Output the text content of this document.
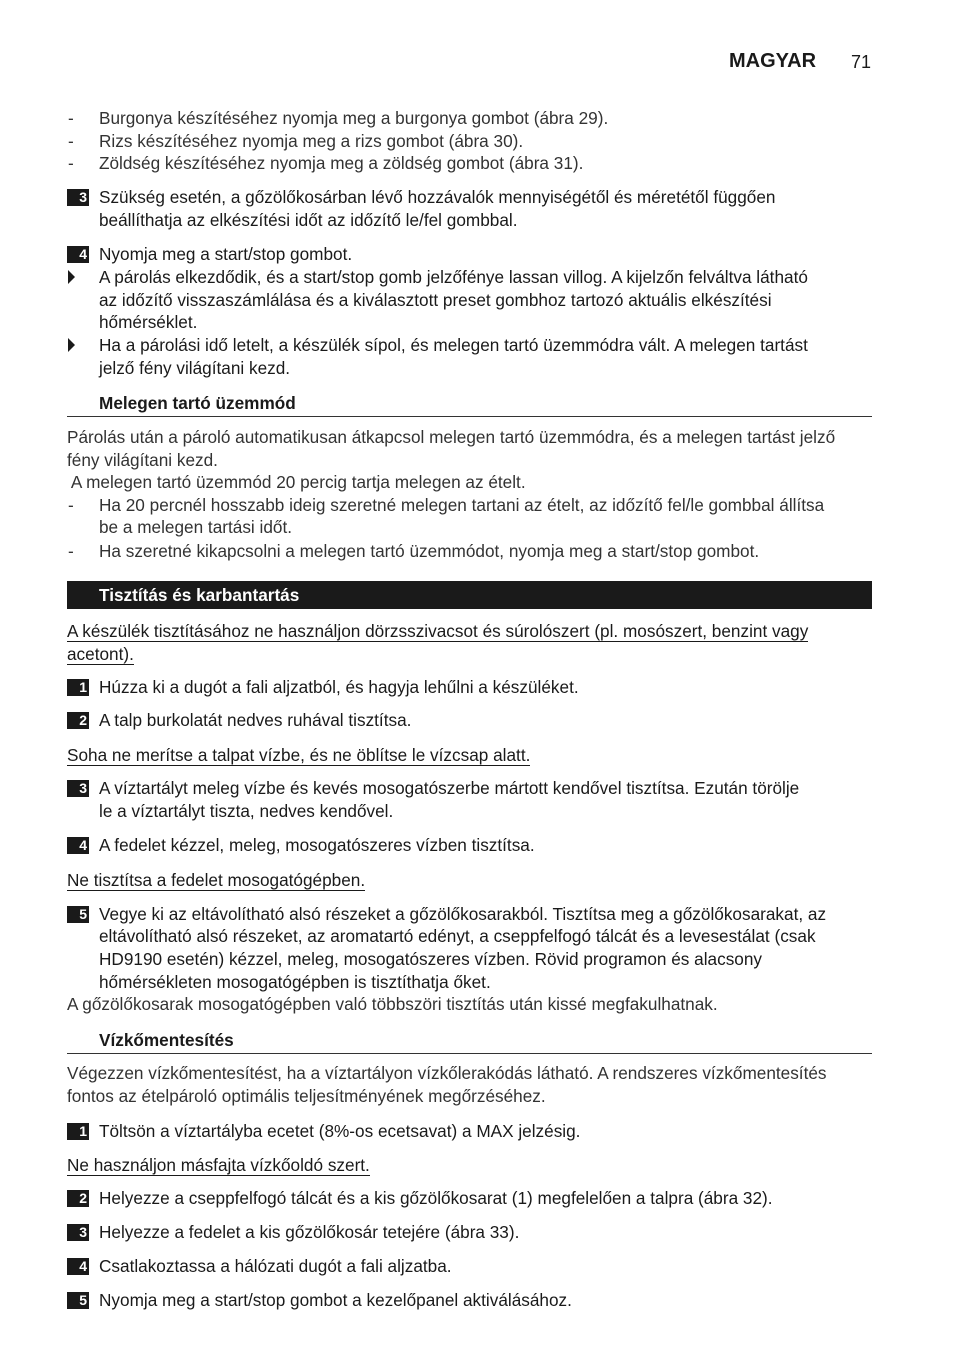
MAGYAR 71
- Burgonya készítéséhez nyomja meg a burgonya gombot (ábra 29).
- Rizs készítéséhez nyomja meg a rizs gombot (ábra 30).
- Zöldség készítéséhez nyomja meg a zöldség gombot (ábra 31).
3 Szükség esetén, a gőzölőkosárban lévő hozzávalók mennyiségétől és méretétől függően
beállíthatja az elkészítési időt az időzítő le/fel gombbal.
4 Nyomja meg a start/stop gombot.
A párolás elkezdődik, és a start/stop gomb jelzőfénye lassan villog. A kijelzőn felváltva látható
az időzítő visszaszámlálása és a kiválasztott preset gombhoz tartozó aktuális elkészítési
hőmérséklet.
Ha a párolási idő letelt, a készülék sípol, és melegen tartó üzemmódra vált. A melegen tartást
jelző fény világítani kezd.
Melegen tartó üzemmód
Párolás után a pároló automatikusan átkapcsol melegen tartó üzemmódra, és a melegen tartást jelző
fény világítani kezd.
A melegen tartó üzemmód 20 percig tartja melegen az ételt.
- Ha 20 percnél hosszabb ideig szeretné melegen tartani az ételt, az időzítő fel/le gombbal állítsa
be a melegen tartási időt.
- Ha szeretné kikapcsolni a melegen tartó üzemmódot, nyomja meg a start/stop gombot.
Tisztítás és karbantartás
A készülék tisztításához ne használjon dörzsszivacsot és súrolószert (pl. mosószert, benzint vagy
acetont).
1 Húzza ki a dugót a fali aljzatból, és hagyja lehűlni a készüléket.
2 A talp burkolatát nedves ruhával tisztítsa.
Soha ne merítse a talpat vízbe, és ne öblítse le vízcsap alatt.
3 A víztartályt meleg vízbe és kevés mosogatószerbe mártott kendővel tisztítsa. Ezután törölje
le a víztartályt tiszta, nedves kendővel.
4 A fedelet kézzel, meleg, mosogatószeres vízben tisztítsa.
Ne tisztítsa a fedelet mosogatógépben.
5 Vegye ki az eltávolítható alsó részeket a gőzölőkosarakból. Tisztítsa meg a gőzölőkosarakat, az
eltávolítható alsó részeket, az aromatartó edényt, a cseppfelfogó tálcát és a levesestálat (csak
HD9190 esetén) kézzel, meleg, mosogatószeres vízben. Rövid programon és alacsony
hőmérsékleten mosogatógépben is tisztíthatja őket.
A gőzölőkosarak mosogatógépben való többszöri tisztítás után kissé megfakulhatnak.
Vízkőmentesítés
Végezzen vízkőmentesítést, ha a víztartályon vízkőlerakódás látható. A rendszeres vízkőmentesítés
fontos az ételpároló optimális teljesítményének megőrzéséhez.
1 Töltsön a víztartályba ecetet (8%-os ecetsavat) a MAX jelzésig.
Ne használjon másfajta vízkőoldó szert.
2 Helyezze a cseppfelfogó tálcát és a kis gőzölőkosarat (1) megfelelően a talpra (ábra 32).
3 Helyezze a fedelet a kis gőzölőkosár tetejére (ábra 33).
4 Csatlakoztassa a hálózati dugót a fali aljzatba.
5 Nyomja meg a start/stop gombot a kezelőpanel aktiválásához.
